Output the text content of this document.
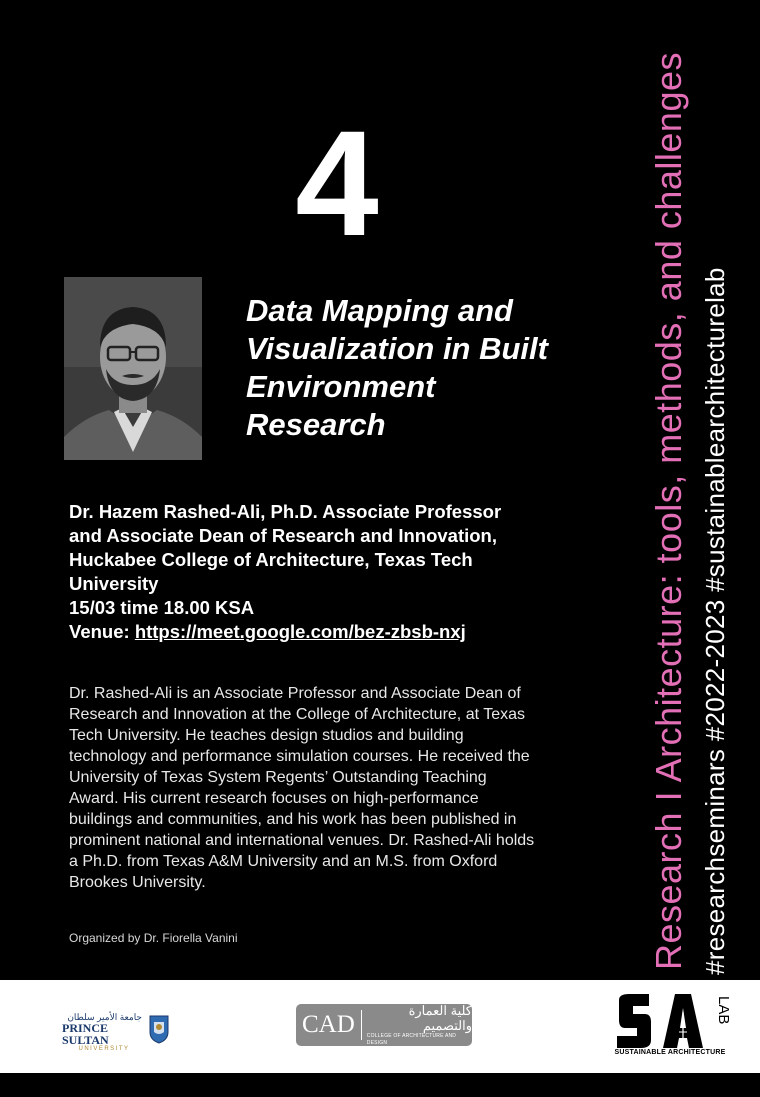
4
Data Mapping and
Visualization in Built
Environment
Research
Dr. Hazem Rashed-Ali, Ph.D. Associate Professor
and Associate Dean of Research and Innovation,
Huckabee College of Architecture, Texas Tech
University
15/03 time 18.00 KSA
Venue: https://meet.google.com/bez-zbsb-nxj
Dr. Rashed-Ali is an Associate Professor and Associate Dean of
Research and Innovation at the College of Architecture, at Texas
Tech University. He teaches design studios and building
technology and performance simulation courses. He received the
University of Texas System Regents’ Outstanding Teaching
Award. His current research focuses on high-performance
buildings and communities, and his work has been published in
prominent national and international venues. Dr. Rashed-Ali holds
a Ph.D. from Texas A&M University and an M.S. from Oxford
Brookes University.
Organized by Dr. Fiorella Vanini	Research I Architecture: tools, methods, and challenges #researchseminars #2022-2023 #sustainablearchitecturelab
جامعة الأمير سلطان
PRINCE SULTAN
UNIVERSITY
CAD
كلية العمارة والتصميم
COLLEGE OF ARCHITECTURE AND DESIGN
LAB
SUSTAINABLE ARCHITECTURE
